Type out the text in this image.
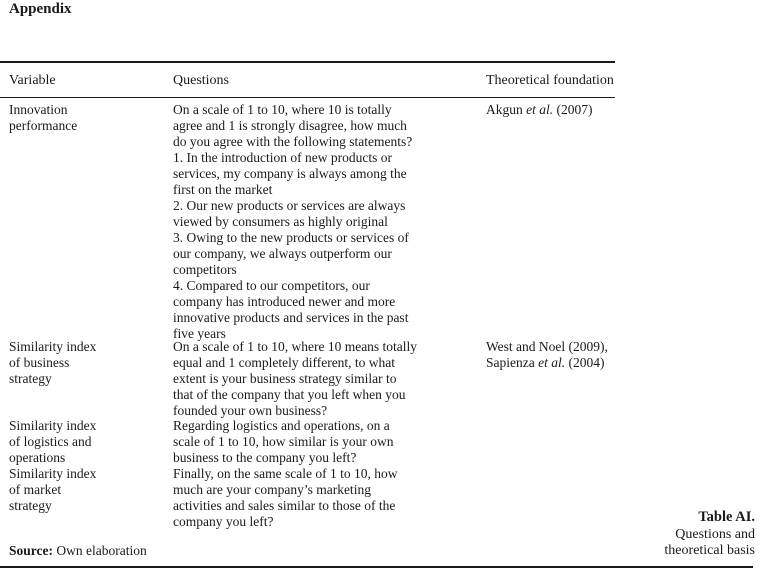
Appendix
Variable	Questions	Theoretical foundation
Innovation
performance
On a scale of 1 to 10, where 10 is totally
agree and 1 is strongly disagree, how much
do you agree with the following statements?
1. In the introduction of new products or
services, my company is always among the
first on the market
2. Our new products or services are always
viewed by consumers as highly original
3. Owing to the new products or services of
our company, we always outperform our
competitors
4. Compared to our competitors, our
company has introduced newer and more
innovative products and services in the past
five years
Akgun et al. (2007)
Similarity index
of business
strategy
On a scale of 1 to 10, where 10 means totally
equal and 1 completely different, to what
extent is your business strategy similar to
that of the company that you left when you
founded your own business?
West and Noel (2009),
Sapienza et al. (2004)
Similarity index
of logistics and
operations
Regarding logistics and operations, on a
scale of 1 to 10, how similar is your own
business to the company you left?
Similarity index
of market
strategy
Finally, on the same scale of 1 to 10, how
much are your company’s marketing
activities and sales similar to those of the
company you left?
Source: Own elaboration
Table AI.
Questions and
theoretical basis
